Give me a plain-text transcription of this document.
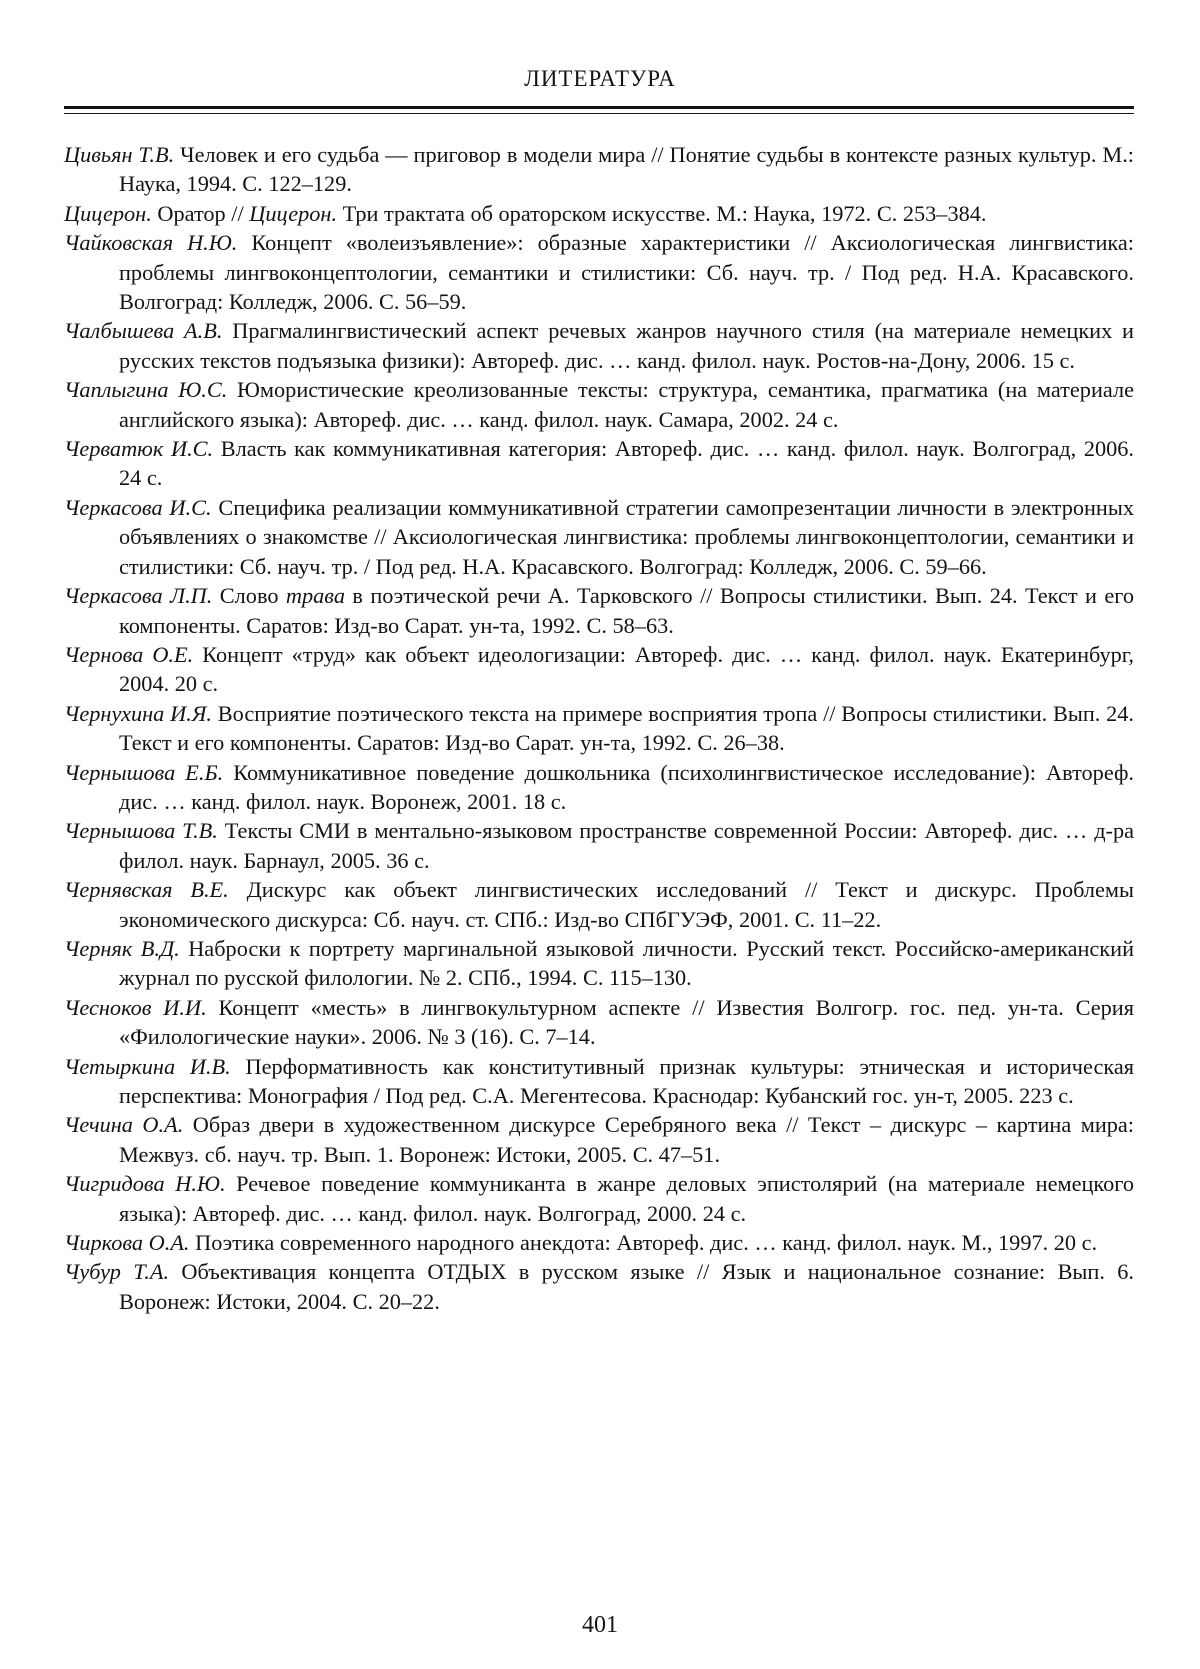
ЛИТЕРАТУРА

Цивьян Т.В. Человек и его судьба — приговор в модели мира // Понятие судьбы в контексте разных культур. М.: Наука, 1994. С. 122–129.

Цицерон. Оратор // Цицерон. Три трактата об ораторском искусстве. М.: Наука, 1972. С. 253–384.

Чайковская Н.Ю. Концепт «волеизъявление»: образные характеристики // Аксиологическая лингвистика: проблемы лингвоконцептологии, семантики и стилистики: Сб. науч. тр. / Под ред. Н.А. Красавского. Волгоград: Колледж, 2006. С. 56–59.

Чалбышева А.В. Прагмалингвистический аспект речевых жанров научного стиля (на материале немецких и русских текстов подъязыка физики): Автореф. дис. … канд. филол. наук. Ростов-на-Дону, 2006. 15 с.

Чаплыгина Ю.С. Юмористические креолизованные тексты: структура, семантика, прагматика (на материале английского языка): Автореф. дис. … канд. филол. наук. Самара, 2002. 24 с.

Черватюк И.С. Власть как коммуникативная категория: Автореф. дис. … канд. филол. наук. Волгоград, 2006. 24 с.

Черкасова И.С. Специфика реализации коммуникативной стратегии самопрезентации личности в электронных объявлениях о знакомстве // Аксиологическая лингвистика: проблемы лингвоконцептологии, семантики и стилистики: Сб. науч. тр. / Под ред. Н.А. Красавского. Волгоград: Колледж, 2006. С. 59–66.

Черкасова Л.П. Слово трава в поэтической речи А. Тарковского // Вопросы стилистики. Вып. 24. Текст и его компоненты. Саратов: Изд-во Сарат. ун-та, 1992. С. 58–63.

Чернова О.Е. Концепт «труд» как объект идеологизации: Автореф. дис. … канд. филол. наук. Екатеринбург, 2004. 20 с.

Чернухина И.Я. Восприятие поэтического текста на примере восприятия тропа // Вопросы стилистики. Вып. 24. Текст и его компоненты. Саратов: Изд-во Сарат. ун-та, 1992. С. 26–38.

Чернышова Е.Б. Коммуникативное поведение дошкольника (психолингвистическое исследование): Автореф. дис. … канд. филол. наук. Воронеж, 2001. 18 с.

Чернышова Т.В. Тексты СМИ в ментально-языковом пространстве современной России: Автореф. дис. … д-ра филол. наук. Барнаул, 2005. 36 с.

Чернявская В.Е. Дискурс как объект лингвистических исследований // Текст и дискурс. Проблемы экономического дискурса: Сб. науч. ст. СПб.: Изд-во СПбГУЭФ, 2001. С. 11–22.

Черняк В.Д. Наброски к портрету маргинальной языковой личности. Русский текст. Российско-американский журнал по русской филологии. № 2. СПб., 1994. С. 115–130.

Чесноков И.И. Концепт «месть» в лингвокультурном аспекте // Известия Волгогр. гос. пед. ун-та. Серия «Филологические науки». 2006. № 3 (16). С. 7–14.

Четыркина И.В. Перформативность как конститутивный признак культуры: этническая и историческая перспектива: Монография / Под ред. С.А. Мегентесова. Краснодар: Кубанский гос. ун-т, 2005. 223 с.

Чечина О.А. Образ двери в художественном дискурсе Серебряного века // Текст – дискурс – картина мира: Межвуз. сб. науч. тр. Вып. 1. Воронеж: Истоки, 2005. С. 47–51.

Чигридова Н.Ю. Речевое поведение коммуниканта в жанре деловых эпистолярий (на материале немецкого языка): Автореф. дис. … канд. филол. наук. Волгоград, 2000. 24 с.

Чиркова О.А. Поэтика современного народного анекдота: Автореф. дис. … канд. филол. наук. М., 1997. 20 с.

Чубур Т.А. Объективация концепта ОТДЫХ в русском языке // Язык и национальное сознание: Вып. 6. Воронеж: Истоки, 2004. С. 20–22.

401
